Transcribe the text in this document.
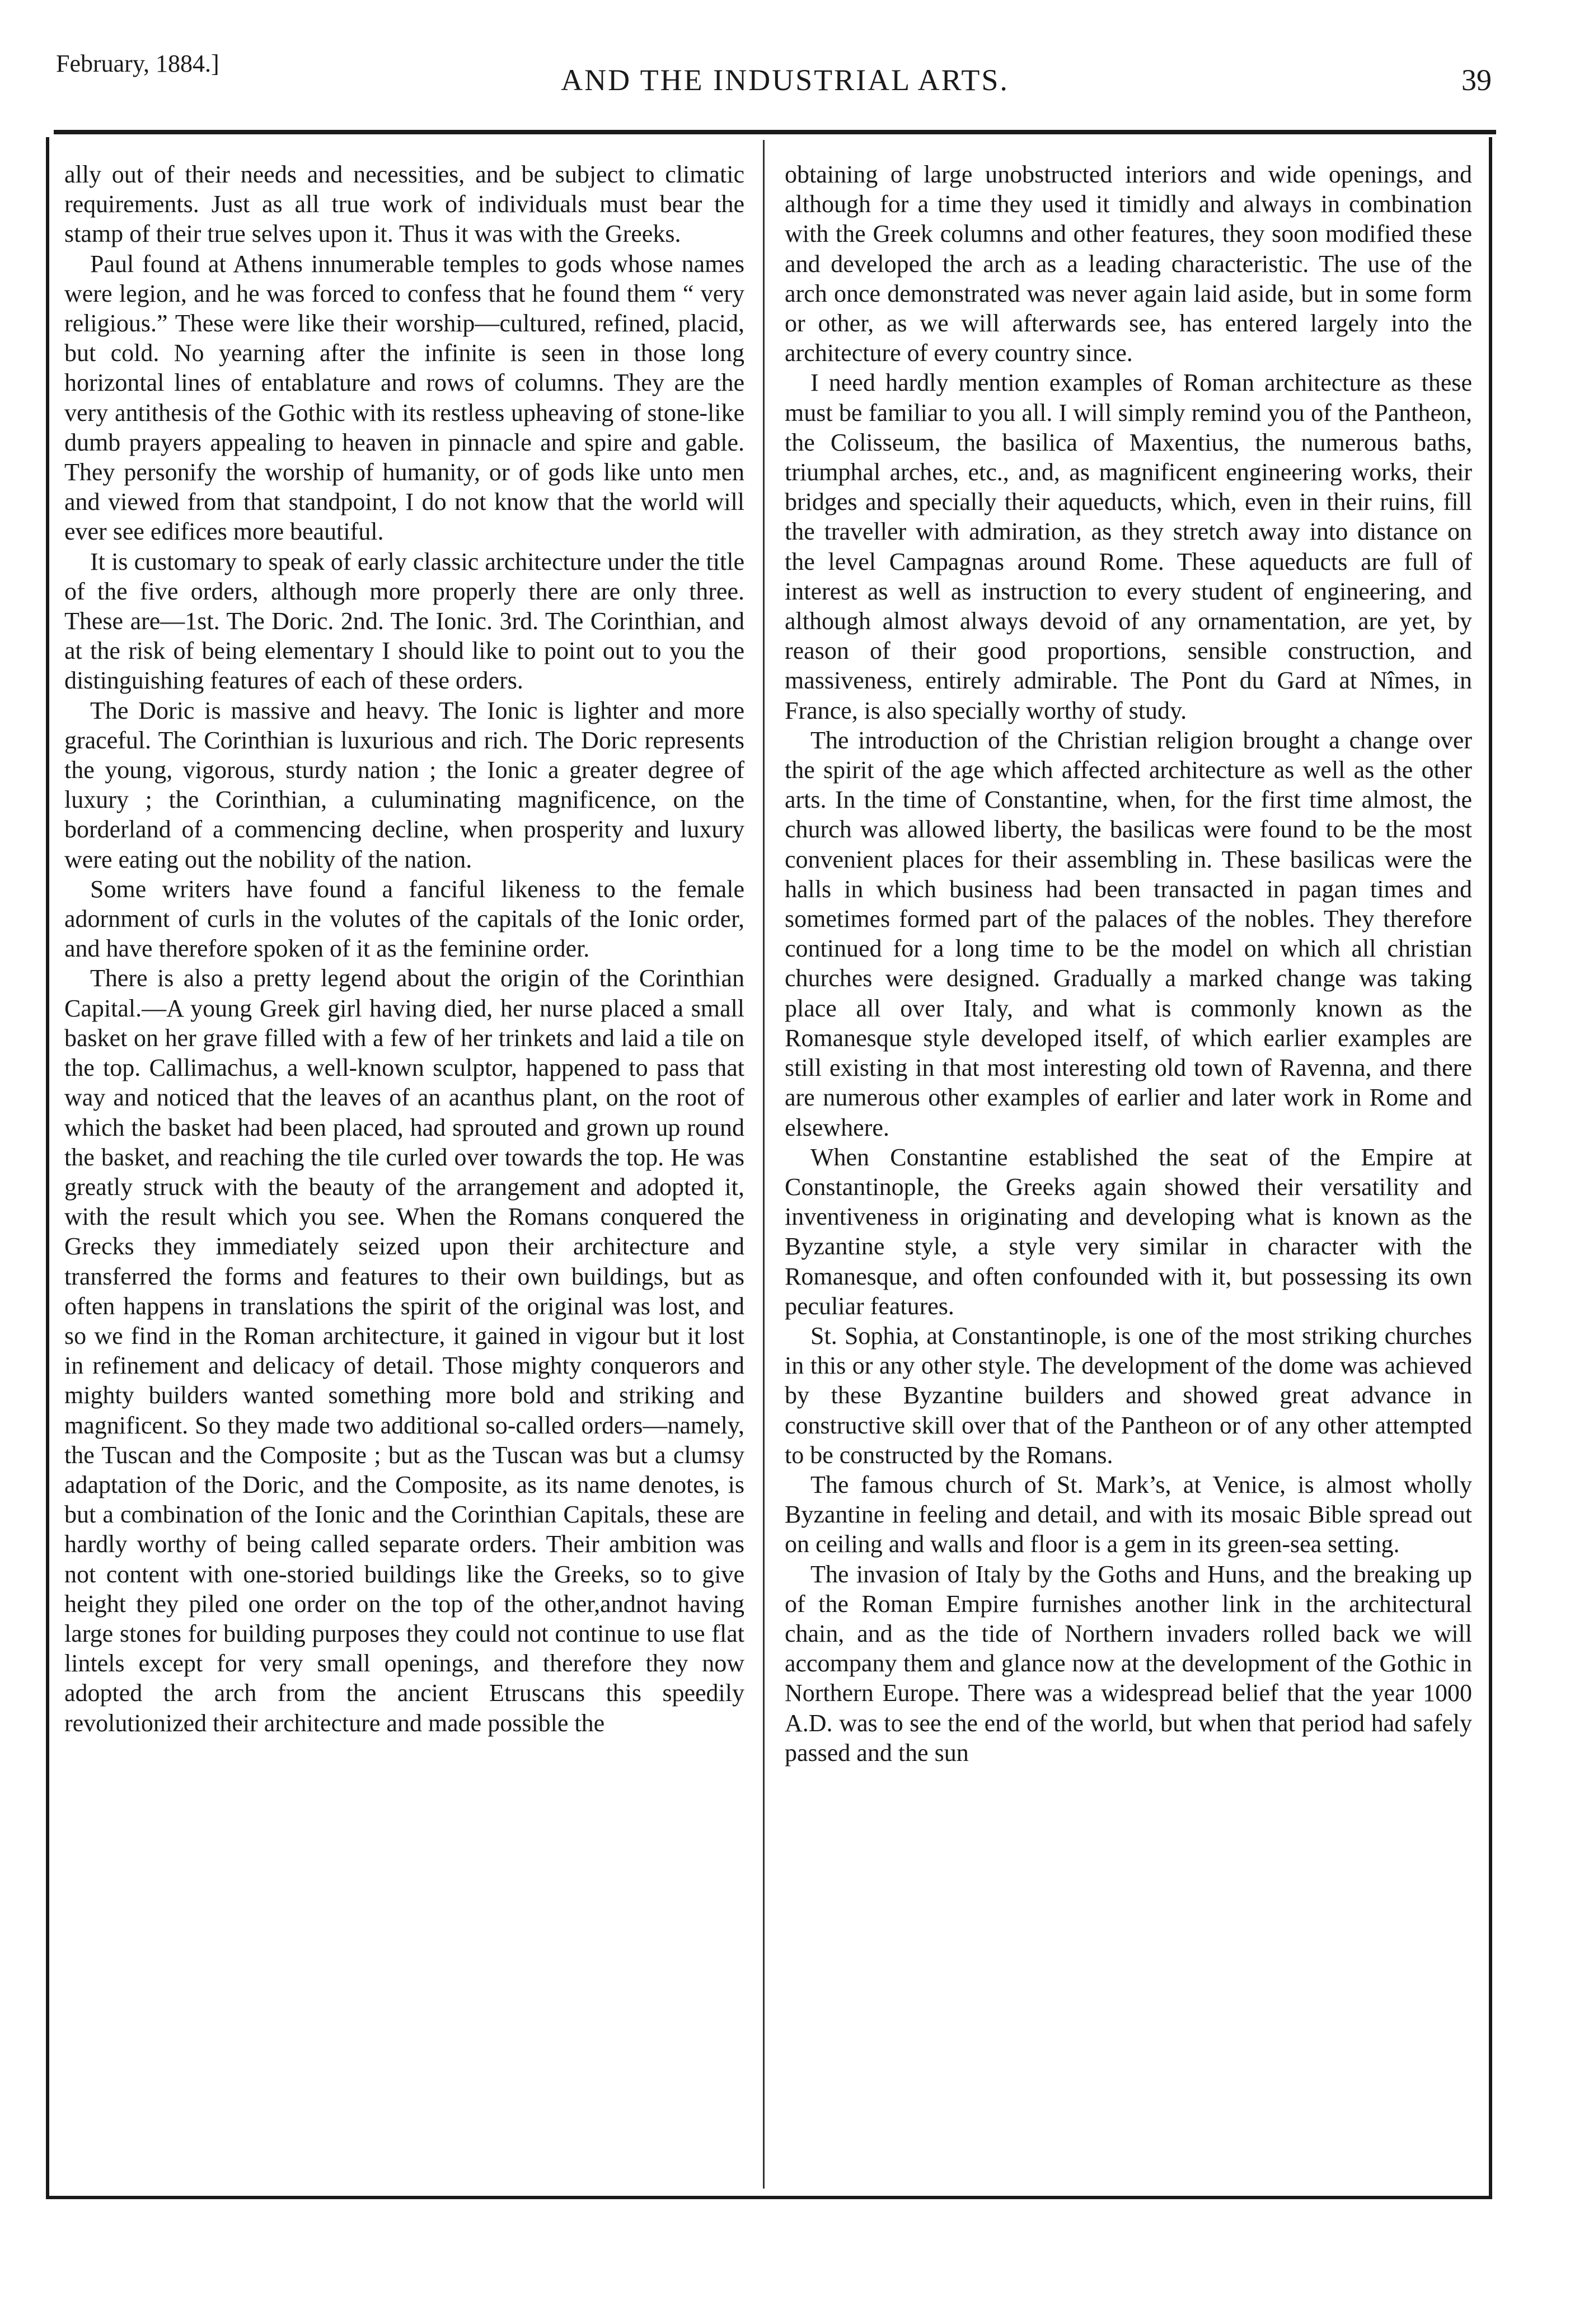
February, 1884.]	AND THE INDUSTRIAL ARTS.	39

ally out of their needs and necessities, and be subject to climatic requirements. Just as all true work of individuals must bear the stamp of their true selves upon it. Thus it was with the Greeks.

Paul found at Athens innumerable temples to gods whose names were legion, and he was forced to confess that he found them “ very religious.” These were like their worship—cultured, refined, placid, but cold. No yearning after the infinite is seen in those long horizontal lines of entablature and rows of columns. They are the very antithesis of the Gothic with its restless upheaving of stone-like dumb prayers appealing to heaven in pinnacle and spire and gable. They personify the worship of humanity, or of gods like unto men and viewed from that standpoint, I do not know that the world will ever see edifices more beautiful.

It is customary to speak of early classic architecture under the title of the five orders, although more properly there are only three. These are—1st. The Doric. 2nd. The Ionic. 3rd. The Corinthian, and at the risk of being elementary I should like to point out to you the distinguishing features of each of these orders.

The Doric is massive and heavy. The Ionic is lighter and more graceful. The Corinthian is luxurious and rich. The Doric represents the young, vigorous, sturdy nation ; the Ionic a greater degree of luxury ; the Corinthian, a culuminating magnificence, on the borderland of a commencing decline, when prosperity and luxury were eating out the nobility of the nation.

Some writers have found a fanciful likeness to the female adornment of curls in the volutes of the capitals of the Ionic order, and have therefore spoken of it as the feminine order.

There is also a pretty legend about the origin of the Corinthian Capital.—A young Greek girl having died, her nurse placed a small basket on her grave filled with a few of her trinkets and laid a tile on the top. Callimachus, a well-known sculptor, happened to pass that way and noticed that the leaves of an acanthus plant, on the root of which the basket had been placed, had sprouted and grown up round the basket, and reaching the tile curled over towards the top. He was greatly struck with the beauty of the arrangement and adopted it, with the result which you see. When the Romans conquered the Grecks they immediately seized upon their architecture and transferred the forms and features to their own buildings, but as often happens in translations the spirit of the original was lost, and so we find in the Roman architecture, it gained in vigour but it lost in refinement and delicacy of detail. Those mighty conquerors and mighty builders wanted something more bold and striking and magnificent. So they made two additional so-called orders—namely, the Tuscan and the Composite ; but as the Tuscan was but a clumsy adaptation of the Doric, and the Composite, as its name denotes, is but a combination of the Ionic and the Corinthian Capitals, these are hardly worthy of being called separate orders. Their ambition was not content with one-storied buildings like the Greeks, so to give height they piled one order on the top of the other,andnot having large stones for building purposes they could not continue to use flat lintels except for very small openings, and therefore they now adopted the arch from the ancient Etruscans this speedily revolutionized their architecture and made possible the

obtaining of large unobstructed interiors and wide openings, and although for a time they used it timidly and always in combination with the Greek columns and other features, they soon modified these and developed the arch as a leading characteristic. The use of the arch once demonstrated was never again laid aside, but in some form or other, as we will afterwards see, has entered largely into the architecture of every country since.

I need hardly mention examples of Roman architecture as these must be familiar to you all. I will simply remind you of the Pantheon, the Colisseum, the basilica of Maxentius, the numerous baths, triumphal arches, etc., and, as magnificent engineering works, their bridges and specially their aqueducts, which, even in their ruins, fill the traveller with admiration, as they stretch away into distance on the level Campagnas around Rome. These aqueducts are full of interest as well as instruction to every student of engineering, and although almost always devoid of any ornamentation, are yet, by reason of their good proportions, sensible construction, and massiveness, entirely admirable. The Pont du Gard at Nîmes, in France, is also specially worthy of study.

The introduction of the Christian religion brought a change over the spirit of the age which affected architecture as well as the other arts. In the time of Constantine, when, for the first time almost, the church was allowed liberty, the basilicas were found to be the most convenient places for their assembling in. These basilicas were the halls in which business had been transacted in pagan times and sometimes formed part of the palaces of the nobles. They therefore continued for a long time to be the model on which all christian churches were designed. Gradually a marked change was taking place all over Italy, and what is commonly known as the Romanesque style developed itself, of which earlier examples are still existing in that most interesting old town of Ravenna, and there are numerous other examples of earlier and later work in Rome and elsewhere.

When Constantine established the seat of the Empire at Constantinople, the Greeks again showed their versatility and inventiveness in originating and developing what is known as the Byzantine style, a style very similar in character with the Romanesque, and often confounded with it, but possessing its own peculiar features.

St. Sophia, at Constantinople, is one of the most striking churches in this or any other style. The development of the dome was achieved by these Byzantine builders and showed great advance in constructive skill over that of the Pantheon or of any other attempted to be constructed by the Romans.

The famous church of St. Mark’s, at Venice, is almost wholly Byzantine in feeling and detail, and with its mosaic Bible spread out on ceiling and walls and floor is a gem in its green-sea setting.

The invasion of Italy by the Goths and Huns, and the breaking up of the Roman Empire furnishes another link in the architectural chain, and as the tide of Northern invaders rolled back we will accompany them and glance now at the development of the Gothic in Northern Europe. There was a widespread belief that the year 1000 A.D. was to see the end of the world, but when that period had safely passed and the sun
